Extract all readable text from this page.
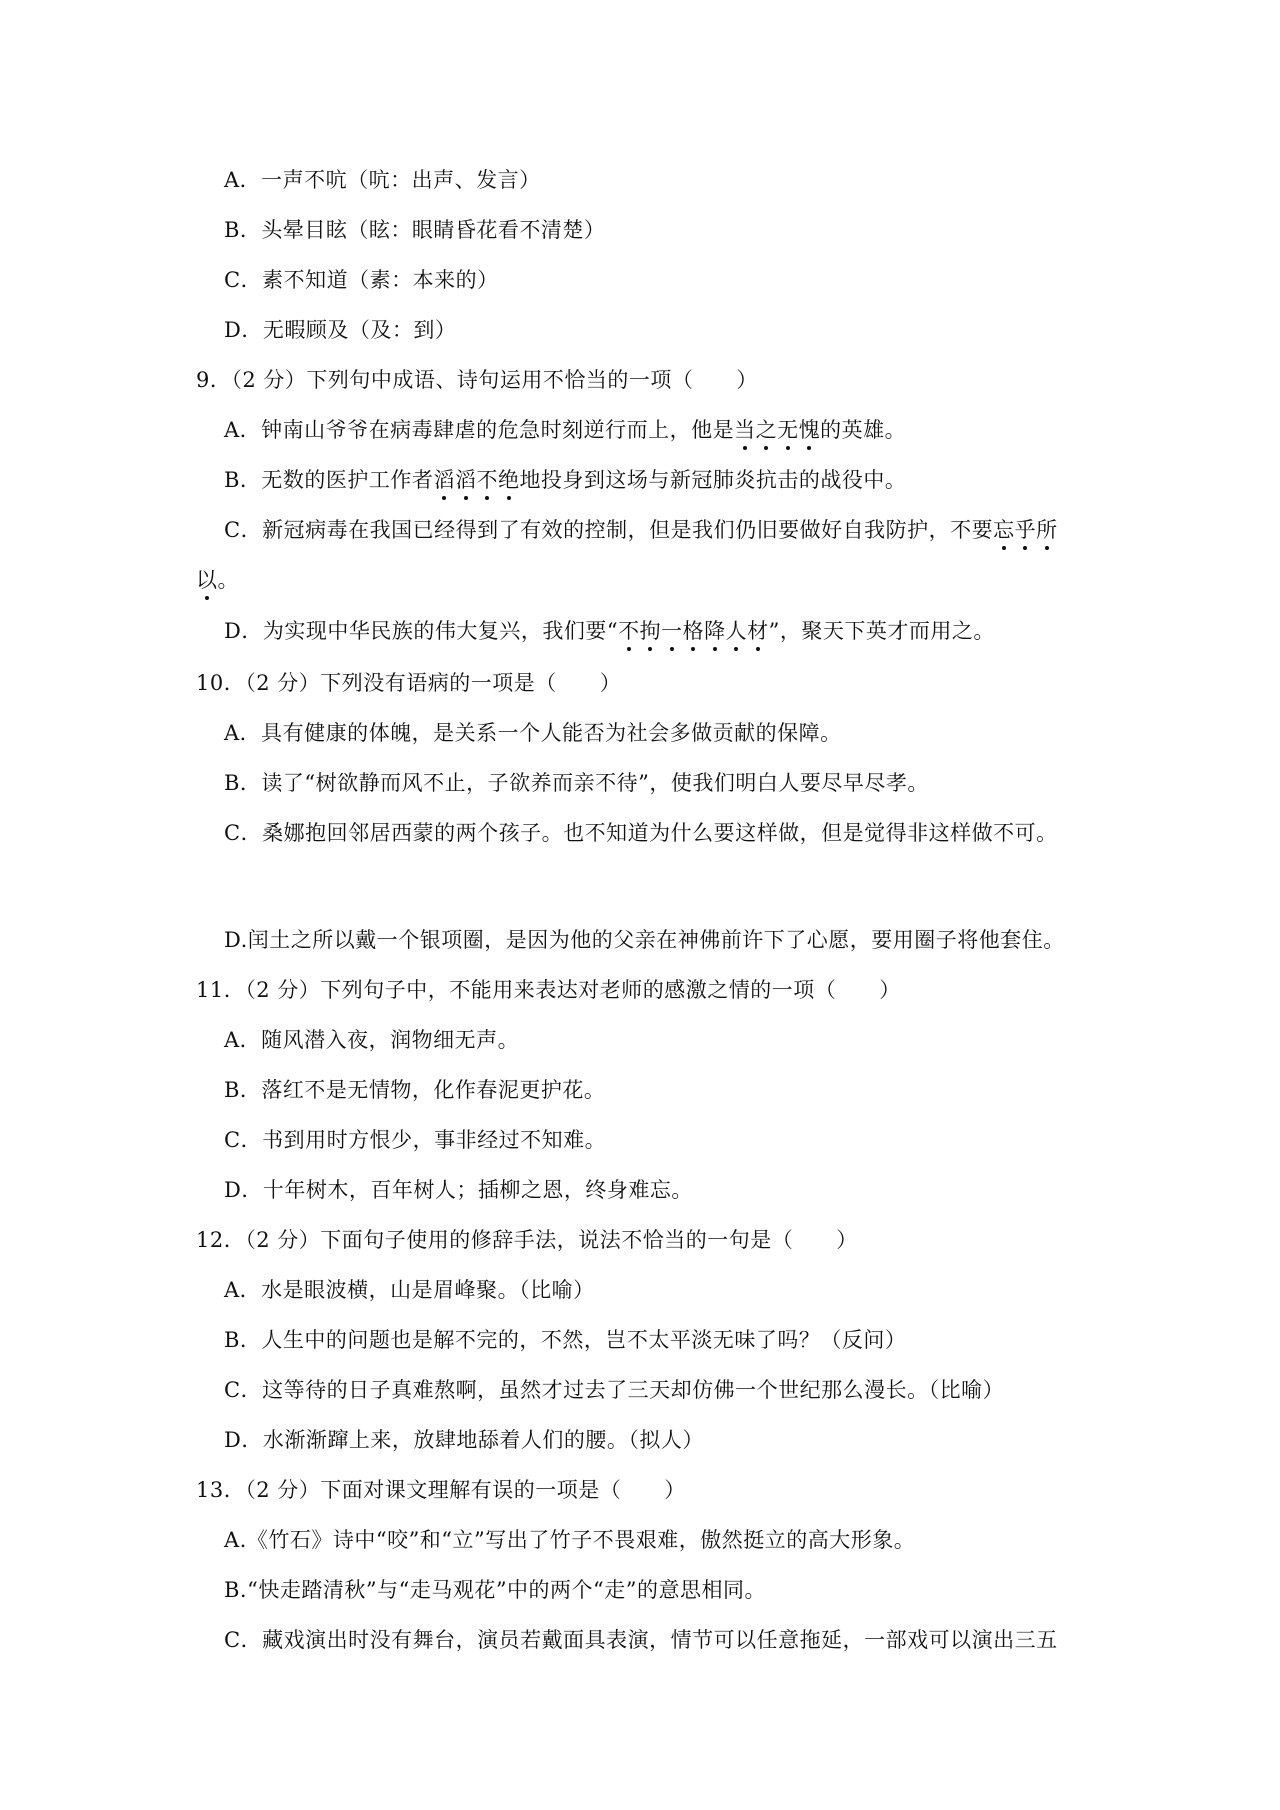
A．一声不吭（吭：出声、发言）
B．头晕目眩（眩：眼睛昏花看不清楚）
C．素不知道（素：本来的）
D．无暇顾及（及：到）
9．（2 分）下列句中成语、诗句运用不恰当的一项（　　）
A．钟南山爷爷在病毒肆虐的危急时刻逆行而上，他是当之无愧的英雄。
B．无数的医护工作者滔滔不绝地投身到这场与新冠肺炎抗击的战役中。
C．新冠病毒在我国已经得到了有效的控制，但是我们仍旧要做好自我防护，不要忘乎所
以。
D．为实现中华民族的伟大复兴，我们要“不拘一格降人材”，聚天下英才而用之。
10．（2 分）下列没有语病的一项是（　　）
A．具有健康的体魄，是关系一个人能否为社会多做贡献的保障。
B．读了“树欲静而风不止，子欲养而亲不待”，使我们明白人要尽早尽孝。
C．桑娜抱回邻居西蒙的两个孩子。也不知道为什么要这样做，但是觉得非这样做不可。
D.闰土之所以戴一个银项圈，是因为他的父亲在神佛前许下了心愿，要用圈子将他套住。
11．（2 分）下列句子中，不能用来表达对老师的感激之情的一项（　　）
A．随风潜入夜，润物细无声。
B．落红不是无情物，化作春泥更护花。
C．书到用时方恨少，事非经过不知难。
D．十年树木，百年树人；插柳之恩，终身难忘。
12．（2 分）下面句子使用的修辞手法，说法不恰当的一句是（　　）
A．水是眼波横，山是眉峰聚。（比喻）
B．人生中的问题也是解不完的，不然，岂不太平淡无味了吗？（反问）
C．这等待的日子真难熬啊，虽然才过去了三天却仿佛一个世纪那么漫长。（比喻）
D．水渐渐蹿上来，放肆地舔着人们的腰。（拟人）
13．（2 分）下面对课文理解有误的一项是（　　）
A.《竹石》诗中“咬”和“立”写出了竹子不畏艰难，傲然挺立的高大形象。
B.“快走踏清秋”与“走马观花”中的两个“走”的意思相同。
C．藏戏演出时没有舞台，演员若戴面具表演，情节可以任意拖延，一部戏可以演出三五
